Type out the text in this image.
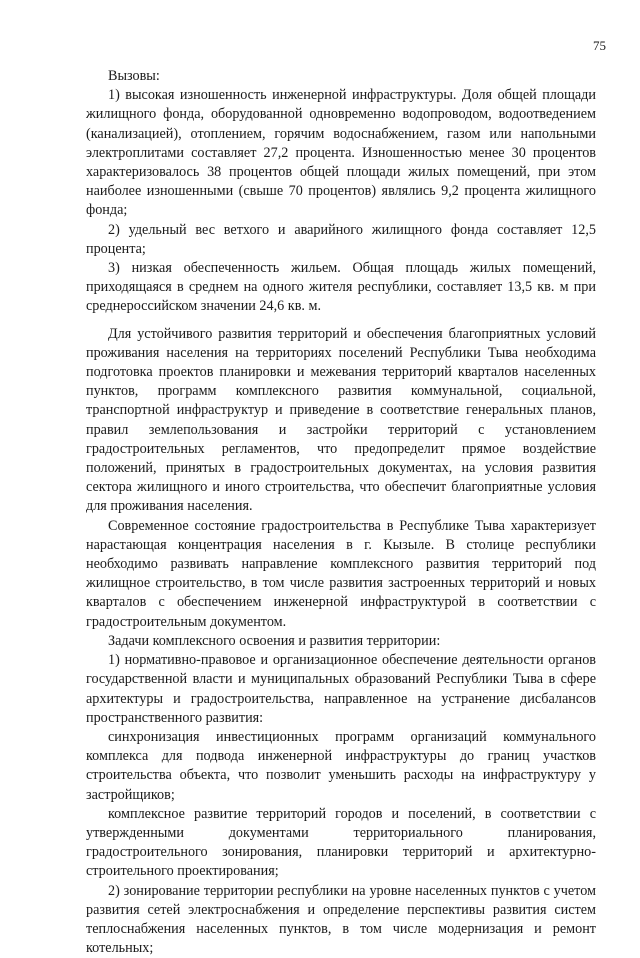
75

Вызовы:

1) высокая изношенность инженерной инфраструктуры. Доля общей площади жилищного фонда, оборудованной одновременно водопроводом, водоотведением (канализацией), отоплением, горячим водоснабжением, газом или напольными электроплитами составляет 27,2 процента. Изношенностью менее 30 процентов характеризовалось 38 процентов общей площади жилых помещений, при этом наиболее изношенными (свыше 70 процентов) являлись 9,2 процента жилищного фонда;

2) удельный вес ветхого и аварийного жилищного фонда составляет 12,5 процента;

3) низкая обеспеченность жильем. Общая площадь жилых помещений, приходящаяся в среднем на одного жителя республики, составляет 13,5 кв. м при среднероссийском значении 24,6 кв. м.

Для устойчивого развития территорий и обеспечения благоприятных условий проживания населения на территориях поселений Республики Тыва необходима подготовка проектов планировки и межевания территорий кварталов населенных пунктов, программ комплексного развития коммунальной, социальной, транспортной инфраструктур и приведение в соответствие генеральных планов, правил землепользования и застройки территорий с установлением градостроительных регламентов, что предопределит прямое воздействие положений, принятых в градостроительных документах, на условия развития сектора жилищного и иного строительства, что обеспечит благоприятные условия для проживания населения.

Современное состояние градостроительства в Республике Тыва характеризует нарастающая концентрация населения в г. Кызыле. В столице республики необходимо развивать направление комплексного развития территорий под жилищное строительство, в том числе развития застроенных территорий и новых кварталов с обеспечением инженерной инфраструктурой в соответствии с градостроительным документом.

Задачи комплексного освоения и развития территории:

1) нормативно-правовое и организационное обеспечение деятельности органов государственной власти и муниципальных образований Республики Тыва в сфере архитектуры и градостроительства, направленное на устранение дисбалансов пространственного развития:

синхронизация инвестиционных программ организаций коммунального комплекса для подвода инженерной инфраструктуры до границ участков строительства объекта, что позволит уменьшить расходы на инфраструктуру у застройщиков;

комплексное развитие территорий городов и поселений, в соответствии с утвержденными документами территориального планирования, градостроительного зонирования, планировки территорий и архитектурно-строительного проектирования;

2) зонирование территории республики на уровне населенных пунктов с учетом развития сетей электроснабжения и определение перспективы развития систем теплоснабжения населенных пунктов, в том числе модернизация и ремонт котельных;
